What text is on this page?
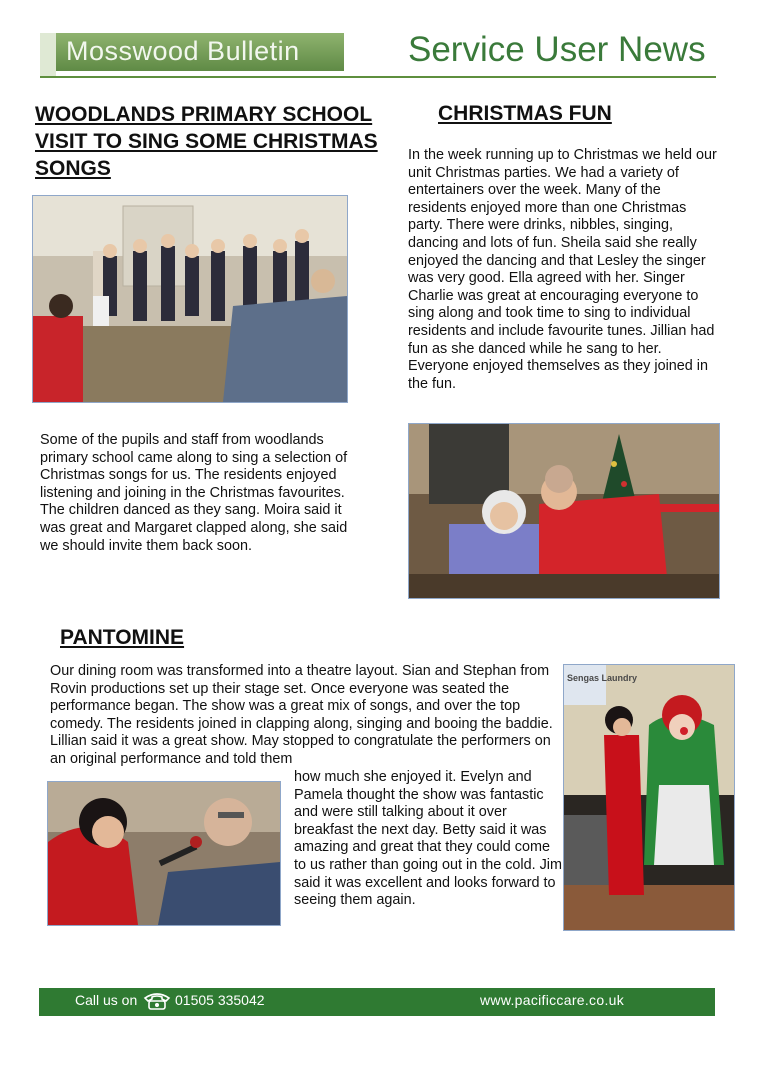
Mosswood Bulletin	Service User News
WOODLANDS PRIMARY SCHOOL VISIT TO SING SOME CHRISTMAS SONGS
Some of the pupils and staff from woodlands primary school came along to sing a selection of Christmas songs for us. The residents enjoyed listening and joining in the Christmas favourites. The children danced as they sang. Moira said it was great and Margaret clapped along, she said we should invite them back soon.
CHRISTMAS FUN
In the week running up to Christmas we held our unit Christmas parties. We had a variety of entertainers over the week. Many of the residents enjoyed more than one Christmas party. There were drinks, nibbles, singing, dancing and lots of fun. Sheila said she really enjoyed the dancing and that Lesley the singer was very good. Ella agreed with her. Singer Charlie was great at encouraging everyone to sing along and took time to sing to individual residents and include favourite tunes. Jillian had fun as she danced while he sang to her. Everyone enjoyed themselves as they joined in the fun.
PANTOMINE
Our dining room was transformed into a theatre layout. Sian and Stephan from Rovin productions set up their stage set. Once everyone was seated the performance began. The show was a great mix of songs, and over the top comedy. The residents joined in clapping along, singing and booing the baddie. Lillian said it was a great show. May stopped to congratulate the performers on an original performance and told them
how much she enjoyed it. Evelyn and Pamela thought the show was fantastic and were still talking about it over breakfast the next day. Betty said it was amazing and great that they could come to us rather than going out in the cold. Jim said it was excellent and looks forward to seeing them again.
Sengas Laundry
Call us on	01505 335042	www.pacificcare.co.uk
